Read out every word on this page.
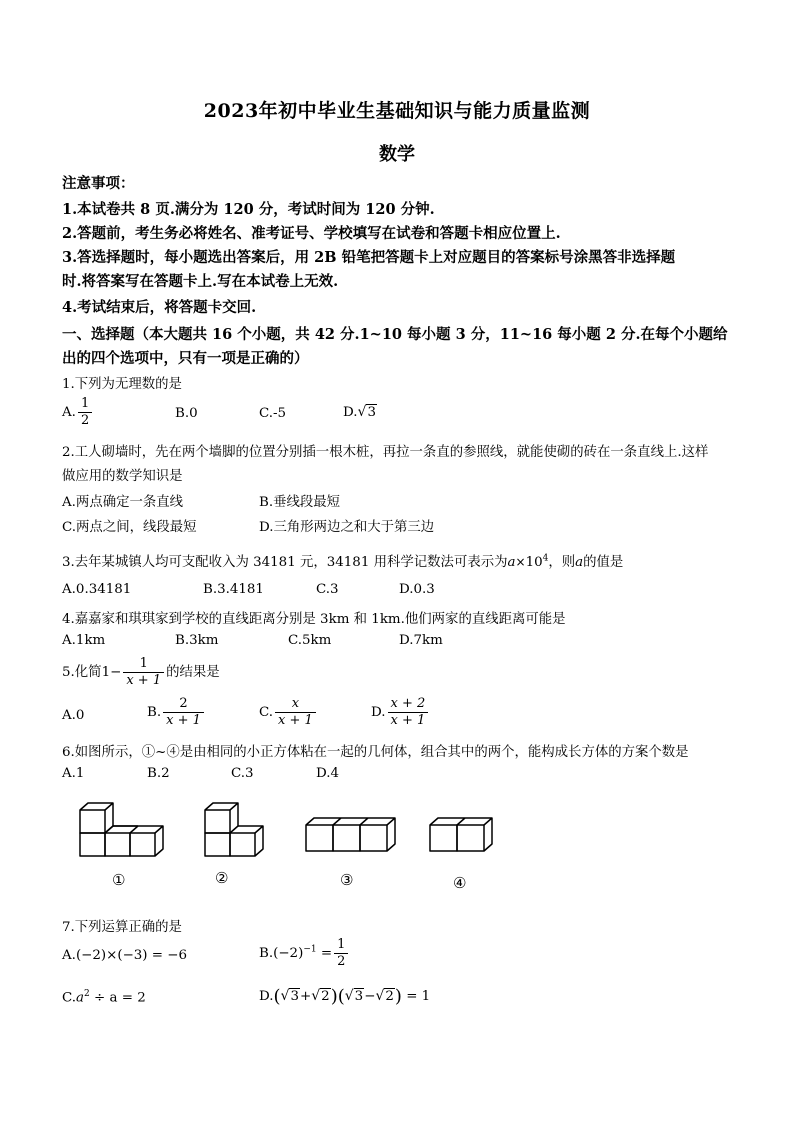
2023年初中毕业生基础知识与能力质量监测
数学
注意事项：
1.本试卷共 8 页.满分为 120 分，考试时间为 120 分钟.
2.答题前，考生务必将姓名、准考证号、学校填写在试卷和答题卡相应位置上.
3.答选择题时，每小题选出答案后，用 2B 铅笔把答题卡上对应题目的答案标号涂黑答非选择题
时.将答案写在答题卡上.写在本试卷上无效.
4.考试结束后，将答题卡交回.
一、选择题（本大题共 16 个小题，共 42 分.1~10 每小题 3 分，11~16 每小题 2 分.在每个小题给
出的四个选项中，只有一项是正确的）
1.下列为无理数的是
A. $\frac{1}{2}$	B.0	C.-5	D.√3
2.工人砌墙时，先在两个墙脚的位置分别插一根木桩，再拉一条直的参照线，就能使砌的砖在一条直线上.这样
做应用的数学知识是
A.两点确定一条直线	B.垂线段最短
C.两点之间，线段最短	D.三角形两边之和大于第三边
3.去年某城镇人均可支配收入为 34181 元，34181 用科学记数法可表示为$a\times 10^4$，则a的值是
A.0.34181	B.3.4181	C.3	D.0.3
4.嘉嘉家和琪琪家到学校的直线距离分别是 3km 和 1km.他们两家的直线距离可能是
A.1km	B.3km	C.5km	D.7km
5.化简$1- \frac{1}{x + 1}$ 的结果是
A.0	B. $\frac{2}{x + 1}$	C. $\frac{x}{x + 1}$	D. $\frac{x + 2}{x + 1}$
6.如图所示，①~④是由相同的小正方体粘在一起的几何体，组合其中的两个，能构成长方体的方案个数是
A.1	B.2	C.3	D.4
①	②	③	④
7.下列运算正确的是
A.(−2)×(−3) = −6	$B.(-2)^{-1} = \frac{1}{2}$
$C.a^2 \div a = 2$	D.(√3+√2)(√3−√2) = 1
